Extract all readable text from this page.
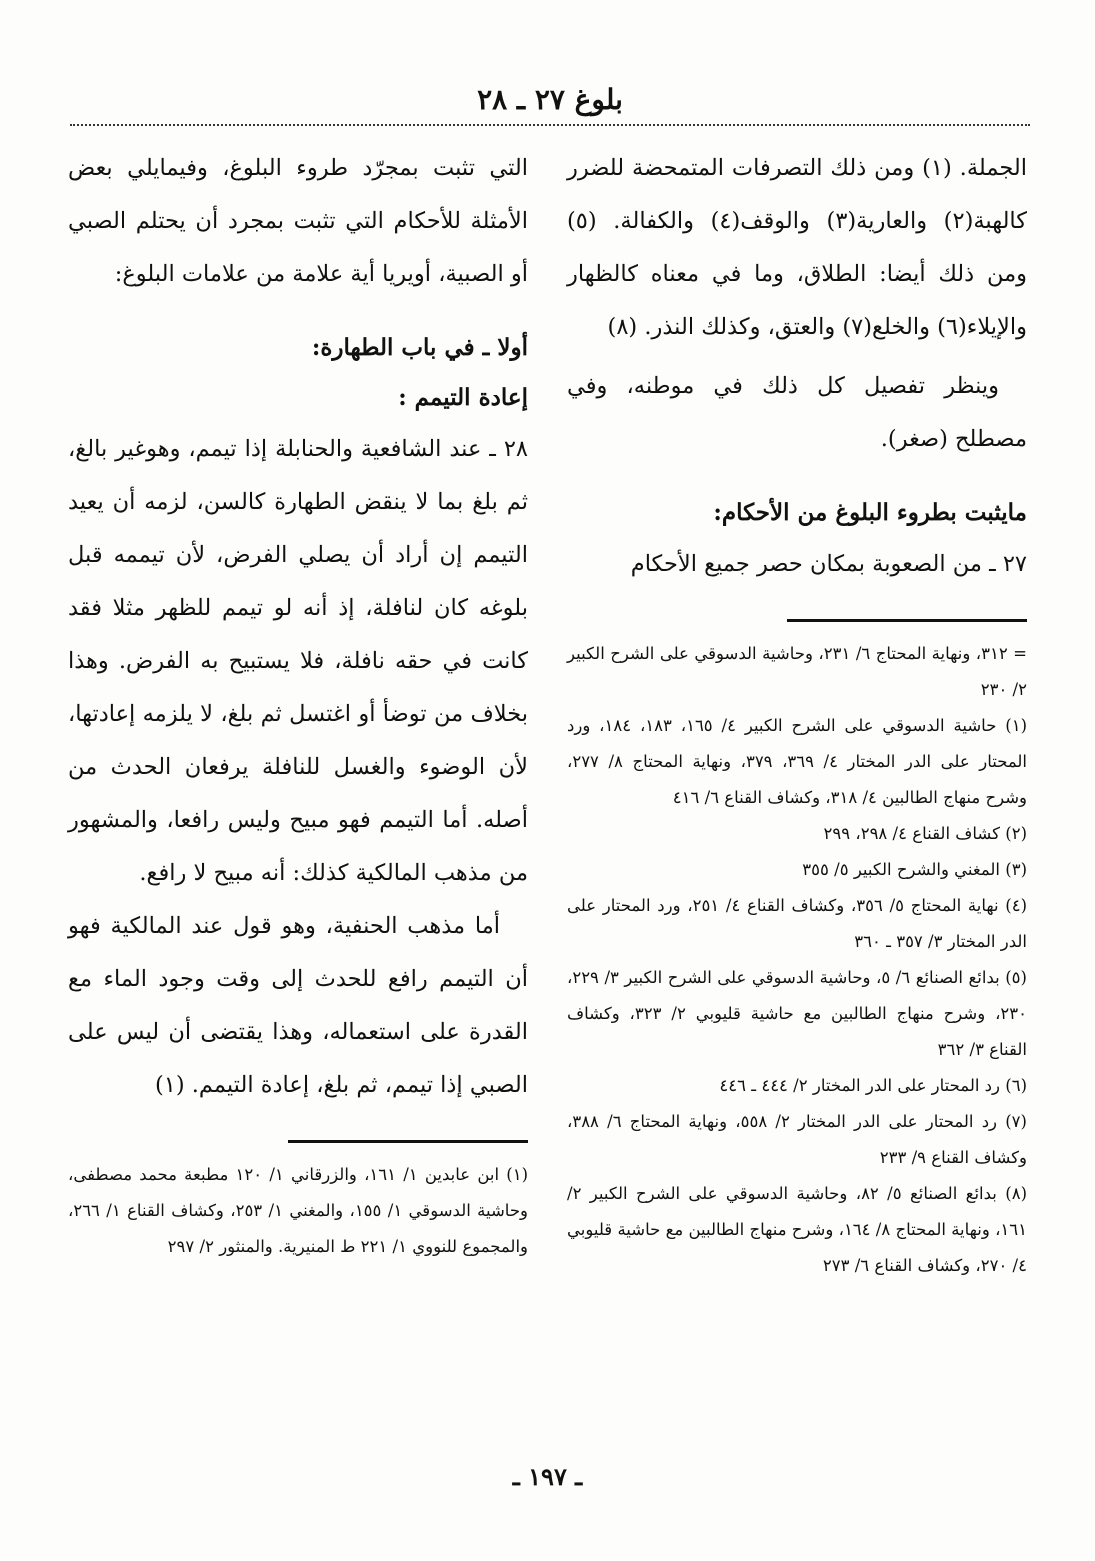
بلوغ ٢٧ ـ ٢٨

الجملة. (١) ومن ذلك التصرفات المتمحضة للضرر كالهبة(٢) والعارية(٣) والوقف(٤) والكفالة. (٥) ومن ذلك أيضا: الطلاق، وما في معناه كالظهار والإيلاء(٦) والخلع(٧) والعتق، وكذلك النذر. (٨)

وينظر تفصيل كل ذلك في موطنه، وفي مصطلح (صغر).

مايثبت بطروء البلوغ من الأحكام:

٢٧ ـ من الصعوبة بمكان حصر جميع الأحكام

= ٣١٢، ونهاية المحتاج ٦/ ٢٣١، وحاشية الدسوقي على الشرح الكبير ٢/ ٢٣٠

(١) حاشية الدسوقي على الشرح الكبير ٤/ ١٦٥، ١٨٣، ١٨٤، ورد المحتار على الدر المختار ٤/ ٣٦٩، ٣٧٩، ونهاية المحتاج ٨/ ٢٧٧، وشرح منهاج الطالبين ٤/ ٣١٨، وكشاف القناع ٦/ ٤١٦

(٢) كشاف القناع ٤/ ٢٩٨، ٢٩٩

(٣) المغني والشرح الكبير ٥/ ٣٥٥

(٤) نهاية المحتاج ٥/ ٣٥٦، وكشاف القناع ٤/ ٢٥١، ورد المحتار على الدر المختار ٣/ ٣٥٧ ـ ٣٦٠

(٥) بدائع الصنائع ٦/ ٥، وحاشية الدسوقي على الشرح الكبير ٣/ ٢٢٩، ٢٣٠، وشرح منهاج الطالبين مع حاشية قليوبي ٢/ ٣٢٣، وكشاف القناع ٣/ ٣٦٢

(٦) رد المحتار على الدر المختار ٢/ ٤٤٤ ـ ٤٤٦

(٧) رد المحتار على الدر المختار ٢/ ٥٥٨، ونهاية المحتاج ٦/ ٣٨٨، وكشاف القناع ٩/ ٢٣٣

(٨) بدائع الصنائع ٥/ ٨٢، وحاشية الدسوقي على الشرح الكبير ٢/ ١٦١، ونهاية المحتاج ٨/ ١٦٤، وشرح منهاج الطالبين مع حاشية قليوبي ٤/ ٢٧٠، وكشاف القناع ٦/ ٢٧٣

التي تثبت بمجرّد طروء البلوغ، وفيمايلي بعض الأمثلة للأحكام التي تثبت بمجرد أن يحتلم الصبي أو الصبية، أويريا أية علامة من علامات البلوغ:

أولا ـ في باب الطهارة:

إعادة التيمم :

٢٨ ـ عند الشافعية والحنابلة إذا تيمم، وهوغير بالغ، ثم بلغ بما لا ينقض الطهارة كالسن، لزمه أن يعيد التيمم إن أراد أن يصلي الفرض، لأن تيممه قبل بلوغه كان لنافلة، إذ أنه لو تيمم للظهر مثلا فقد كانت في حقه نافلة، فلا يستبيح به الفرض. وهذا بخلاف من توضأ أو اغتسل ثم بلغ، لا يلزمه إعادتها، لأن الوضوء والغسل للنافلة يرفعان الحدث من أصله. أما التيمم فهو مبيح وليس رافعا، والمشهور من مذهب المالكية كذلك: أنه مبيح لا رافع.

أما مذهب الحنفية، وهو قول عند المالكية فهو أن التيمم رافع للحدث إلى وقت وجود الماء مع القدرة على استعماله، وهذا يقتضى أن ليس على الصبي إذا تيمم، ثم بلغ، إعادة التيمم. (١)

(١) ابن عابدين ١/ ١٦١، والزرقاني ١/ ١٢٠ مطبعة محمد مصطفى، وحاشية الدسوقي ١/ ١٥٥، والمغني ١/ ٢٥٣، وكشاف القناع ١/ ٢٦٦، والمجموع للنووي ١/ ٢٢١ ط المنيرية. والمنثور ٢/ ٢٩٧

ـ ١٩٧ ـ
